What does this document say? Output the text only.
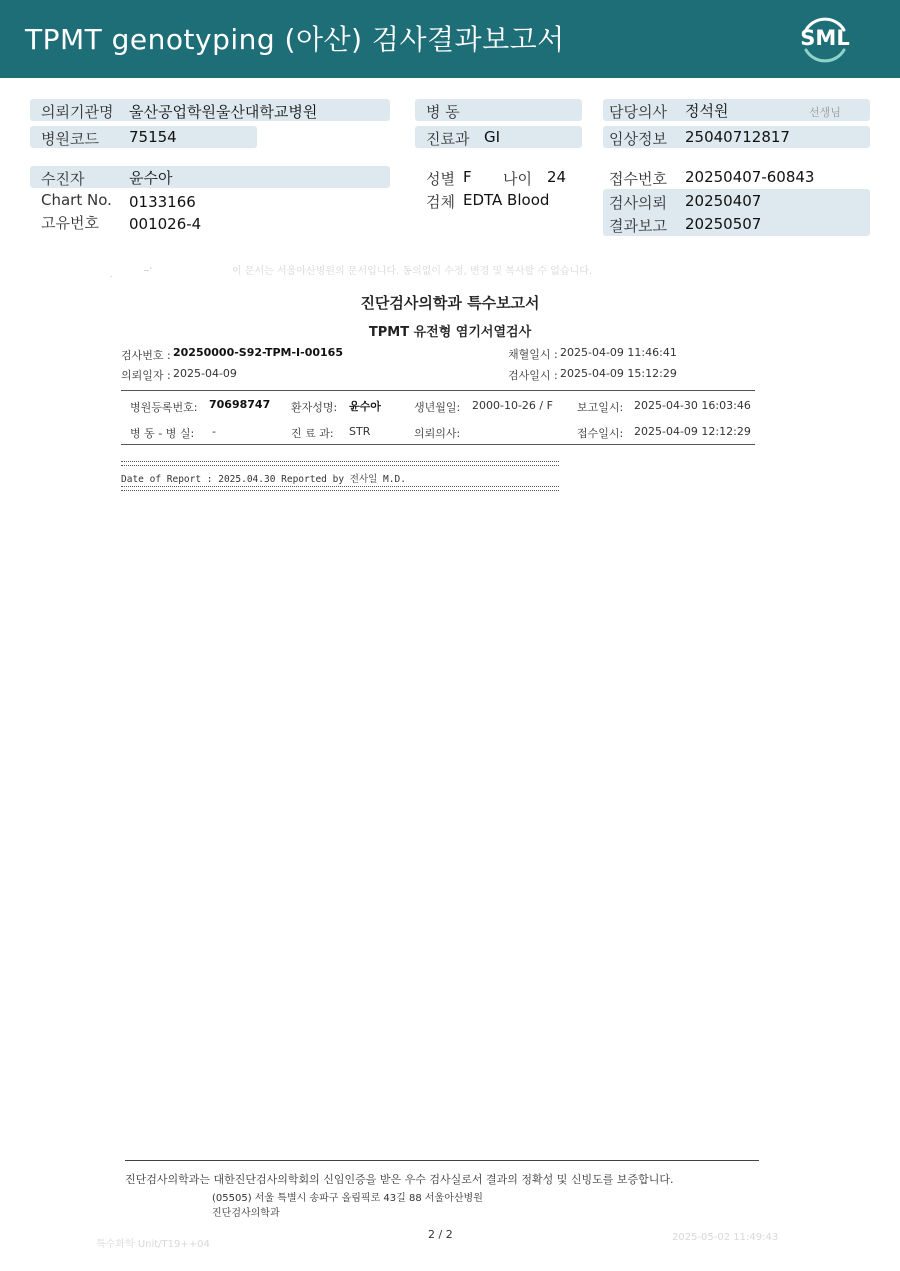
TPMT genotyping (아산) 검사결과보고서	SML
의뢰기관명 울산공업학원울산대학교병원
병원코드 75154
병 동
진료과 GI
담당의사 정석원	선생님
임상정보 25040712817
수진자	윤수아
Chart No. 0133166
고유번호 001026-4
성별 F 나이 24
검체 EDTA Blood
접수번호 20250407-60843
검사의뢰 20250407
결과보고 20250507
이 문서는 서울아산병원의 문서입니다. 동의없이 수정, 변경 및 복사할 수 없습니다.
.	~'
진단검사의학과 특수보고서
TPMT 유전형 염기서열검사
검사번호 : 20250000-S92-TPM-I-00165	채혈일시 : 2025-04-09 11:46:41
의뢰일자 : 2025-04-09	검사일시 : 2025-04-09 15:12:29
병원등록번호: 70698747 환자성명: 윤수아	생년월일: 2000-10-26 / F 보고일시: 2025-04-30 16:03:46
병 동 - 병 실: -	진 료 과: STR	의뢰의사:	접수일시: 2025-04-09 12:12:29
Date of Report : 2025.04.30 Reported by 전사일 M.D.
진단검사의학과는 대한진단검사의학회의 신임인증을 받은 우수 검사실로서 결과의 정확성 및 신빙도를 보증합니다.
(05505) 서울 특별시 송파구 올림픽로 43길 88 서울아산병원
진단검사의학과
2 / 2
특수화학 Unit/T19++04
2025-05-02 11:49:43
